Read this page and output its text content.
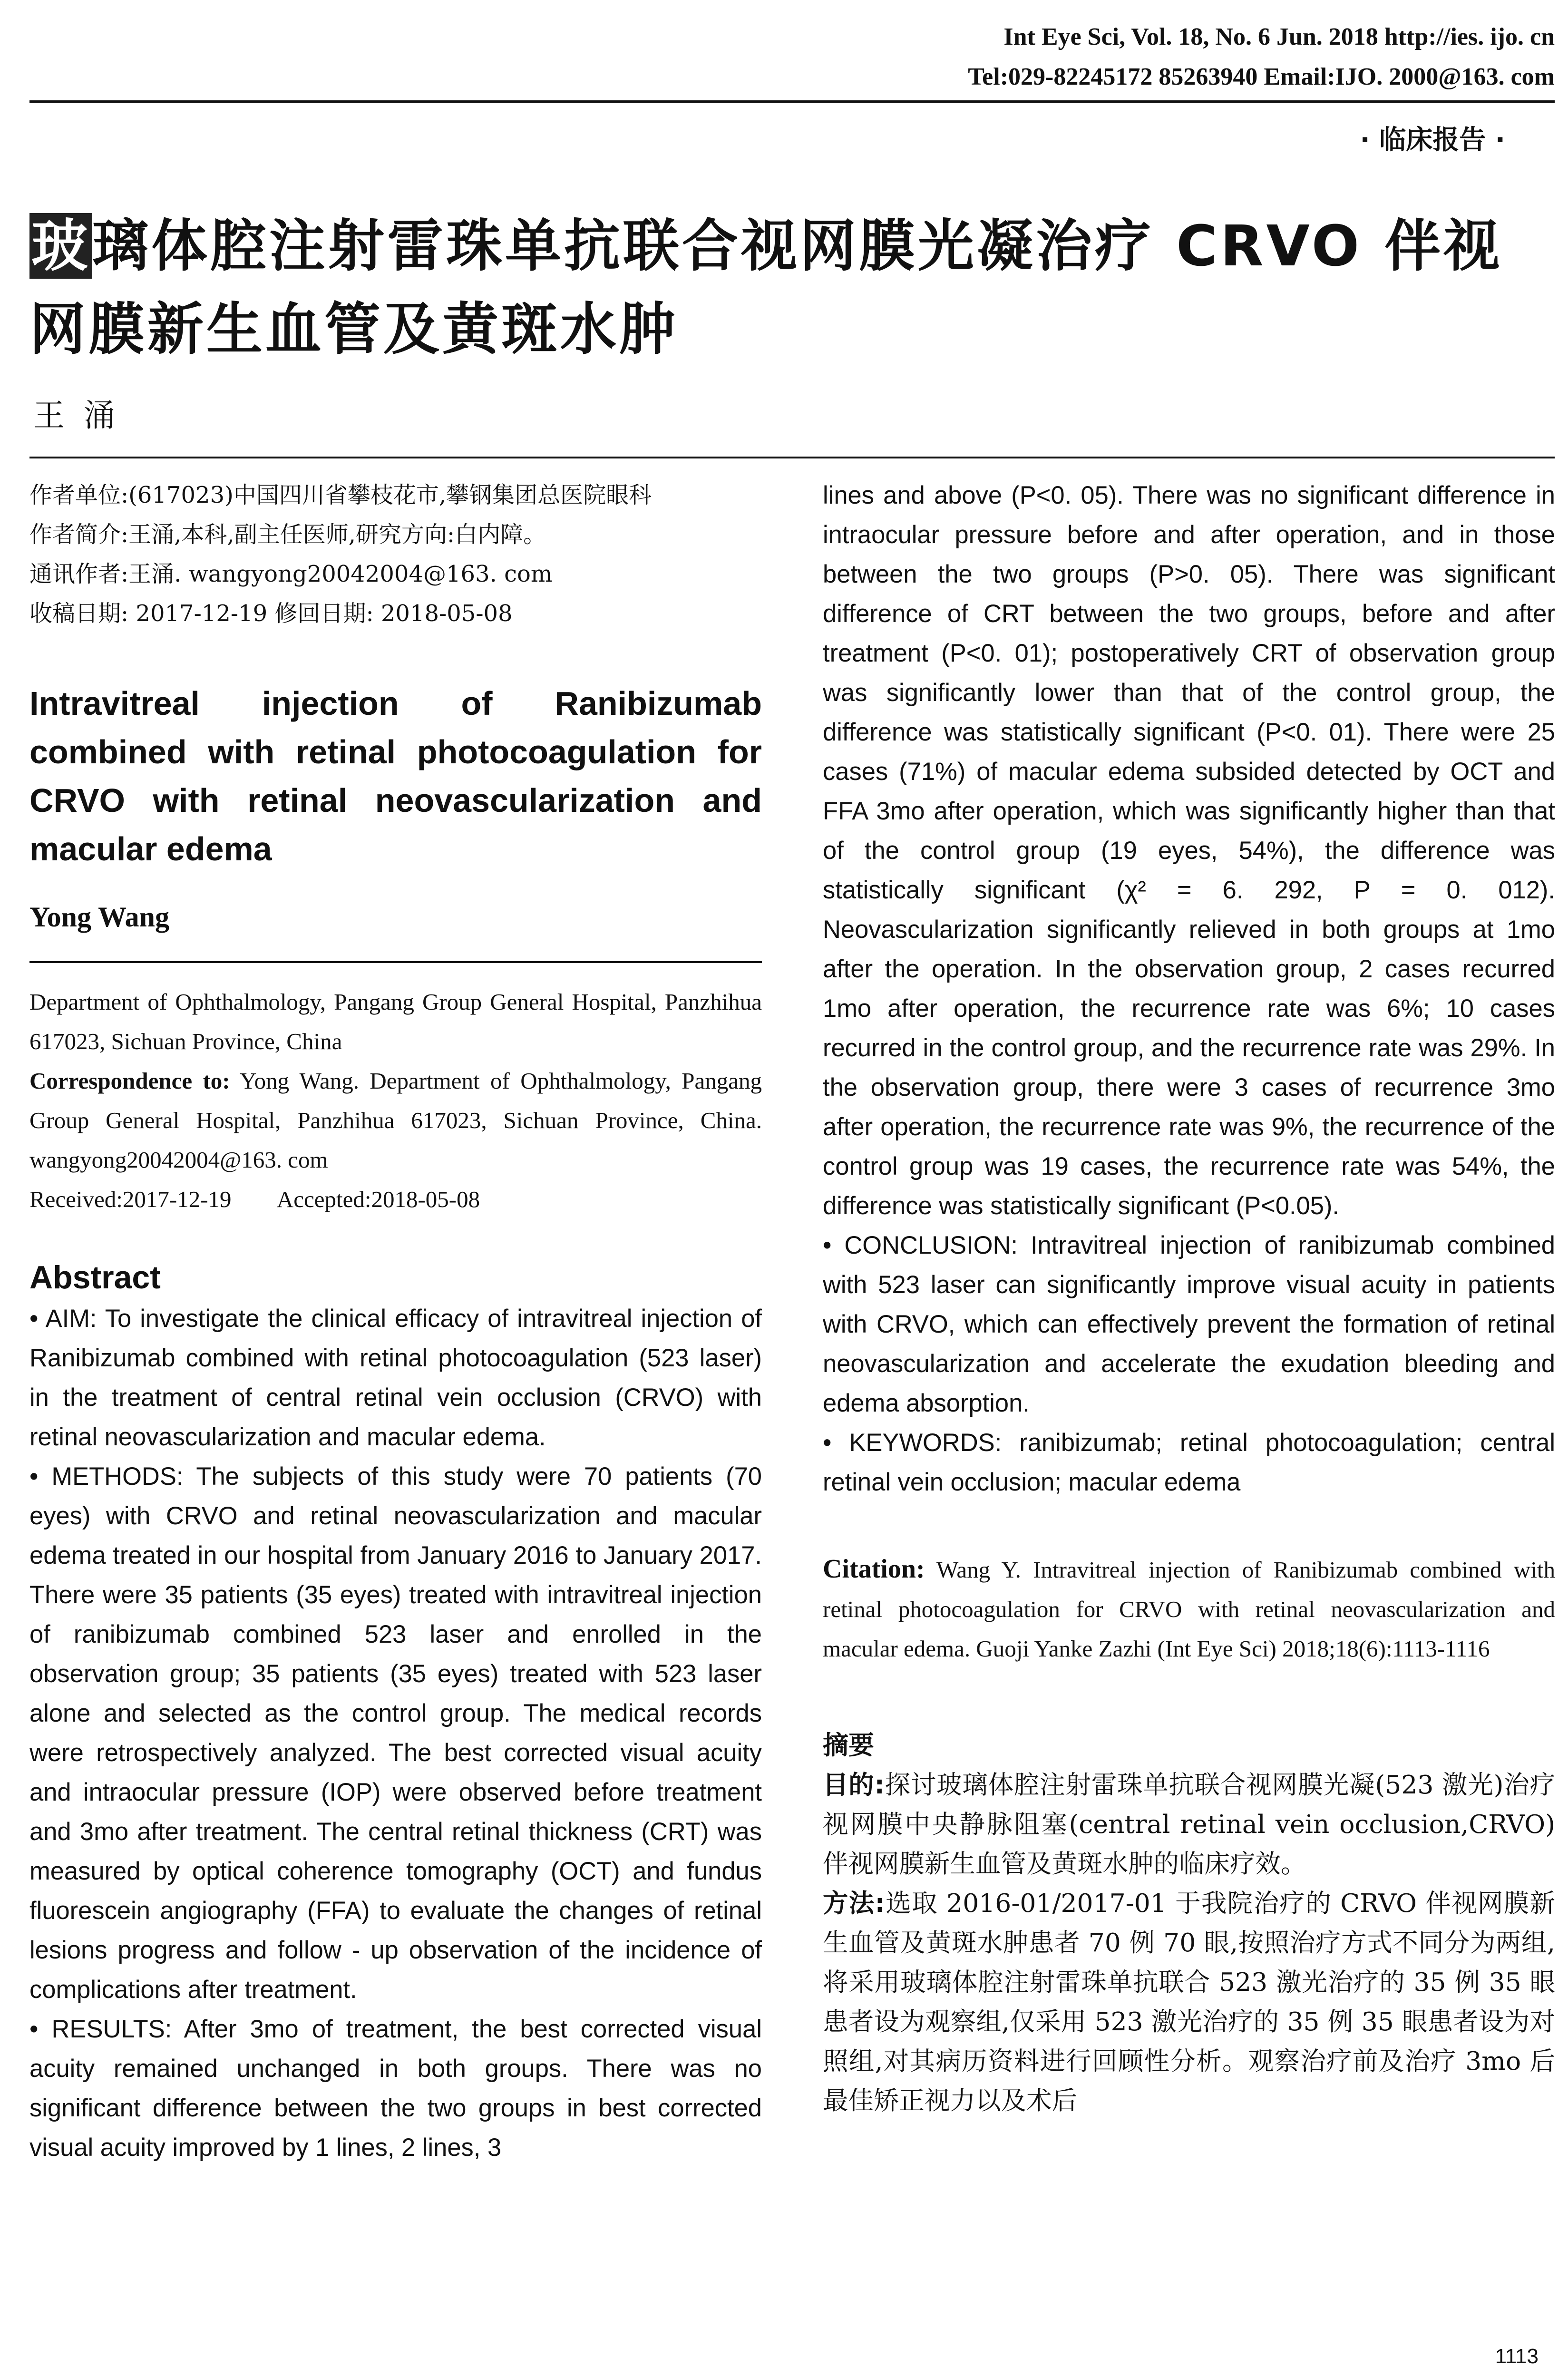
Int Eye Sci, Vol. 18, No. 6 Jun. 2018 http://ies. ijo. cn
Tel:029-82245172 85263940 Email:IJO. 2000@163. com
· 临床报告 ·
玻璃体腔注射雷珠单抗联合视网膜光凝治疗 CRVO 伴视网膜新生血管及黄斑水肿
王涌

作者单位:(617023)中国四川省攀枝花市,攀钢集团总医院眼科

作者简介:王涌,本科,副主任医师,研究方向:白内障。

通讯作者:王涌. wangyong20042004@163. com

收稿日期: 2017-12-19 修回日期: 2018-05-08

Intravitreal injection of Ranibizumab combined with retinal photocoagulation for CRVO with retinal neovascularization and macular edema
Yong Wang

Department of Ophthalmology, Pangang Group General Hospital, Panzhihua 617023, Sichuan Province, China

Correspondence to: Yong Wang. Department of Ophthalmology, Pangang Group General Hospital, Panzhihua 617023, Sichuan Province, China. wangyong20042004@163. com

Received:2017-12-19        Accepted:2018-05-08

Abstract

• AIM: To investigate the clinical efficacy of intravitreal injection of Ranibizumab combined with retinal photocoagulation (523 laser) in the treatment of central retinal vein occlusion (CRVO) with retinal neovascularization and macular edema.

• METHODS: The subjects of this study were 70 patients (70 eyes) with CRVO and retinal neovascularization and macular edema treated in our hospital from January 2016 to January 2017. There were 35 patients (35 eyes) treated with intravitreal injection of ranibizumab combined 523 laser and enrolled in the observation group; 35 patients (35 eyes) treated with 523 laser alone and selected as the control group. The medical records were retrospectively analyzed. The best corrected visual acuity and intraocular pressure (IOP) were observed before treatment and 3mo after treatment. The central retinal thickness (CRT) was measured by optical coherence tomography (OCT) and fundus fluorescein angiography (FFA) to evaluate the changes of retinal lesions progress and follow - up observation of the incidence of complications after treatment.

• RESULTS: After 3mo of treatment, the best corrected visual acuity remained unchanged in both groups. There was no significant difference between the two groups in best corrected visual acuity improved by 1 lines, 2 lines, 3

lines and above (P<0. 05). There was no significant difference in intraocular pressure before and after operation, and in those between the two groups (P>0. 05). There was significant difference of CRT between the two groups, before and after treatment (P<0. 01); postoperatively CRT of observation group was significantly lower than that of the control group, the difference was statistically significant (P<0. 01). There were 25 cases (71%) of macular edema subsided detected by OCT and FFA 3mo after operation, which was significantly higher than that of the control group (19 eyes, 54%), the difference was statistically significant (χ² = 6. 292, P = 0. 012). Neovascularization significantly relieved in both groups at 1mo after the operation. In the observation group, 2 cases recurred 1mo after operation, the recurrence rate was 6%; 10 cases recurred in the control group, and the recurrence rate was 29%. In the observation group, there were 3 cases of recurrence 3mo after operation, the recurrence rate was 9%, the recurrence of the control group was 19 cases, the recurrence rate was 54%, the difference was statistically significant (P<0.05).

• CONCLUSION: Intravitreal injection of ranibizumab combined with 523 laser can significantly improve visual acuity in patients with CRVO, which can effectively prevent the formation of retinal neovascularization and accelerate the exudation bleeding and edema absorption.

• KEYWORDS: ranibizumab; retinal photocoagulation; central retinal vein occlusion; macular edema

Citation: Wang Y. Intravitreal injection of Ranibizumab combined with retinal photocoagulation for CRVO with retinal neovascularization and macular edema. Guoji Yanke Zazhi (Int Eye Sci) 2018;18(6):1113-1116
摘要

目的:探讨玻璃体腔注射雷珠单抗联合视网膜光凝(523 激光)治疗视网膜中央静脉阻塞(central retinal vein occlusion,CRVO)伴视网膜新生血管及黄斑水肿的临床疗效。

方法:选取 2016-01/2017-01 于我院治疗的 CRVO 伴视网膜新生血管及黄斑水肿患者 70 例 70 眼,按照治疗方式不同分为两组,将采用玻璃体腔注射雷珠单抗联合 523 激光治疗的 35 例 35 眼患者设为观察组,仅采用 523 激光治疗的 35 例 35 眼患者设为对照组,对其病历资料进行回顾性分析。观察治疗前及治疗 3mo 后最佳矫正视力以及术后

1113
